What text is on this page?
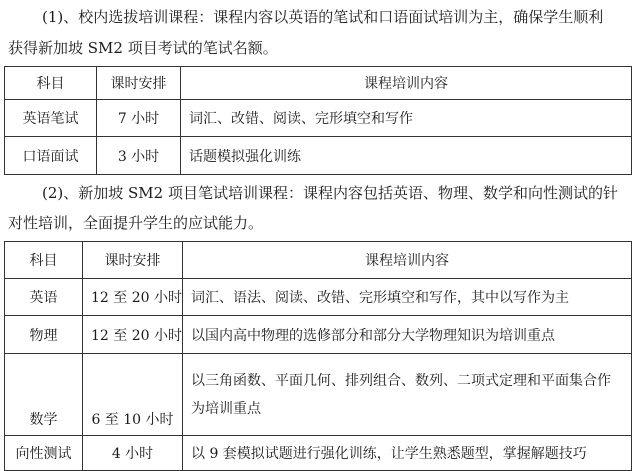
(1)、校内选拔培训课程：课程内容以英语的笔试和口语面试培训为主，确保学生顺利

获得新加坡 SM2 项目考试的笔试名额。

科目	课时安排	课程培训内容
英语笔试	7 小时	词汇、改错、阅读、完形填空和写作
口语面试	3 小时	话题模拟强化训练

(2)、新加坡 SM2 项目笔试培训课程：课程内容包括英语、物理、数学和向性测试的针

对性培训，全面提升学生的应试能力。

科目	课时安排	课程培训内容
英语	12 至 20 小时	词汇、语法、阅读、改错、完形填空和写作，其中以写作为主
物理	12 至 20 小时	以国内高中物理的选修部分和部分大学物理知识为培训重点
数学	6 至 10 小时	以三角函数、平面几何、排列组合、数列、二项式定理和平面集合作为培训重点
向性测试	4 小时	以 9 套模拟试题进行强化训练，让学生熟悉题型，掌握解题技巧
